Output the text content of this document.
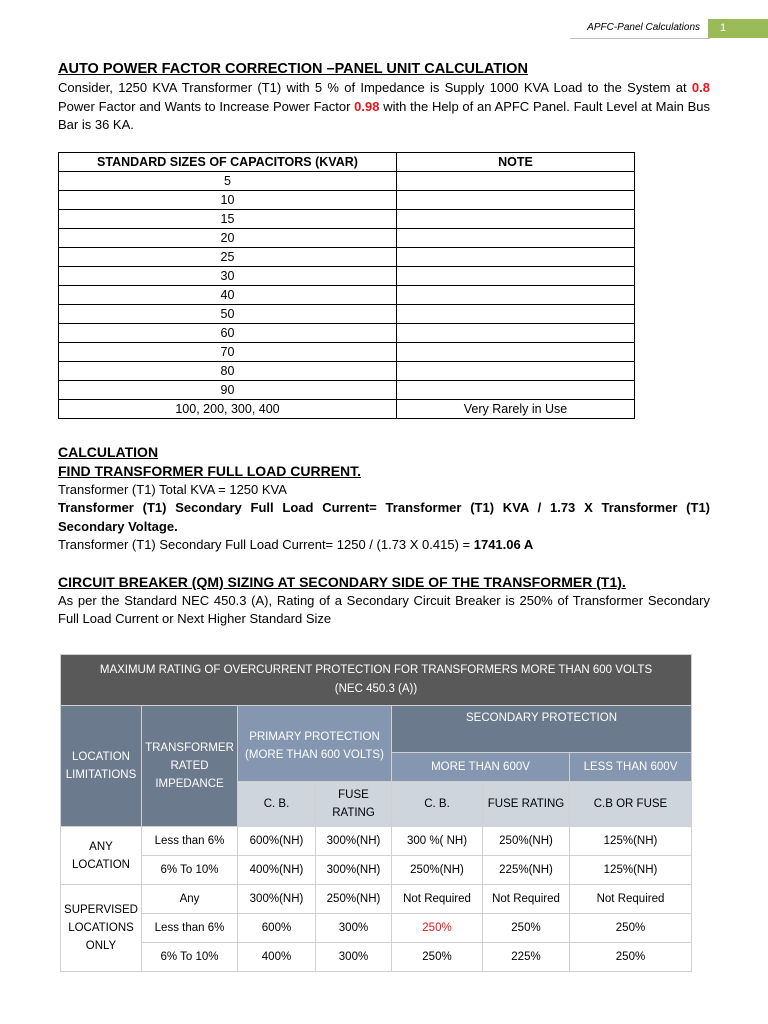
APFC-Panel Calculations	1
AUTO POWER FACTOR CORRECTION –PANEL UNIT CALCULATION

Consider, 1250 KVA Transformer (T1) with 5 % of Impedance is Supply 1000 KVA Load to the System at 0.8 Power Factor and Wants to Increase Power Factor 0.98 with the Help of an APFC Panel. Fault Level at Main Bus Bar is 36 KA.

STANDARD SIZES OF CAPACITORS (KVAR)	NOTE
5	
10	
15	
20	
25	
30	
40	
50	
60	
70	
80	
90	
100, 200, 300, 400	Very Rarely in Use
CALCULATION
FIND TRANSFORMER FULL LOAD CURRENT.

Transformer (T1) Total KVA = 1250 KVA

Transformer (T1) Secondary Full Load Current= Transformer (T1) KVA / 1.73 X Transformer (T1) Secondary Voltage.

Transformer (T1) Secondary Full Load Current= 1250 / (1.73 X 0.415) = 1741.06 A

CIRCUIT BREAKER (QM) SIZING AT SECONDARY SIDE OF THE TRANSFORMER (T1).

As per the Standard NEC 450.3 (A), Rating of a Secondary Circuit Breaker is 250% of Transformer Secondary Full Load Current or Next Higher Standard Size

MAXIMUM RATING OF OVERCURRENT PROTECTION FOR TRANSFORMERS MORE THAN 600 VOLTS
(NEC 450.3 (A))						
LOCATION LIMITATIONS	TRANSFORMER RATED IMPEDANCE	PRIMARY PROTECTION (MORE THAN 600 VOLTS)		SECONDARY PROTECTION		
				MORE THAN 600V		LESS THAN 600V
		C. B.	FUSE RATING	C. B.	FUSE RATING	C.B OR FUSE
ANY LOCATION	Less than 6%	600%(NH)	300%(NH)	300 %( NH)	250%(NH)	125%(NH)
	6% To 10%	400%(NH)	300%(NH)	250%(NH)	225%(NH)	125%(NH)
SUPERVISED LOCATIONS ONLY	Any	300%(NH)	250%(NH)	Not Required	Not Required	Not Required
	Less than 6%	600%	300%	250%	250%	250%
	6% To 10%	400%	300%	250%	225%	250%
